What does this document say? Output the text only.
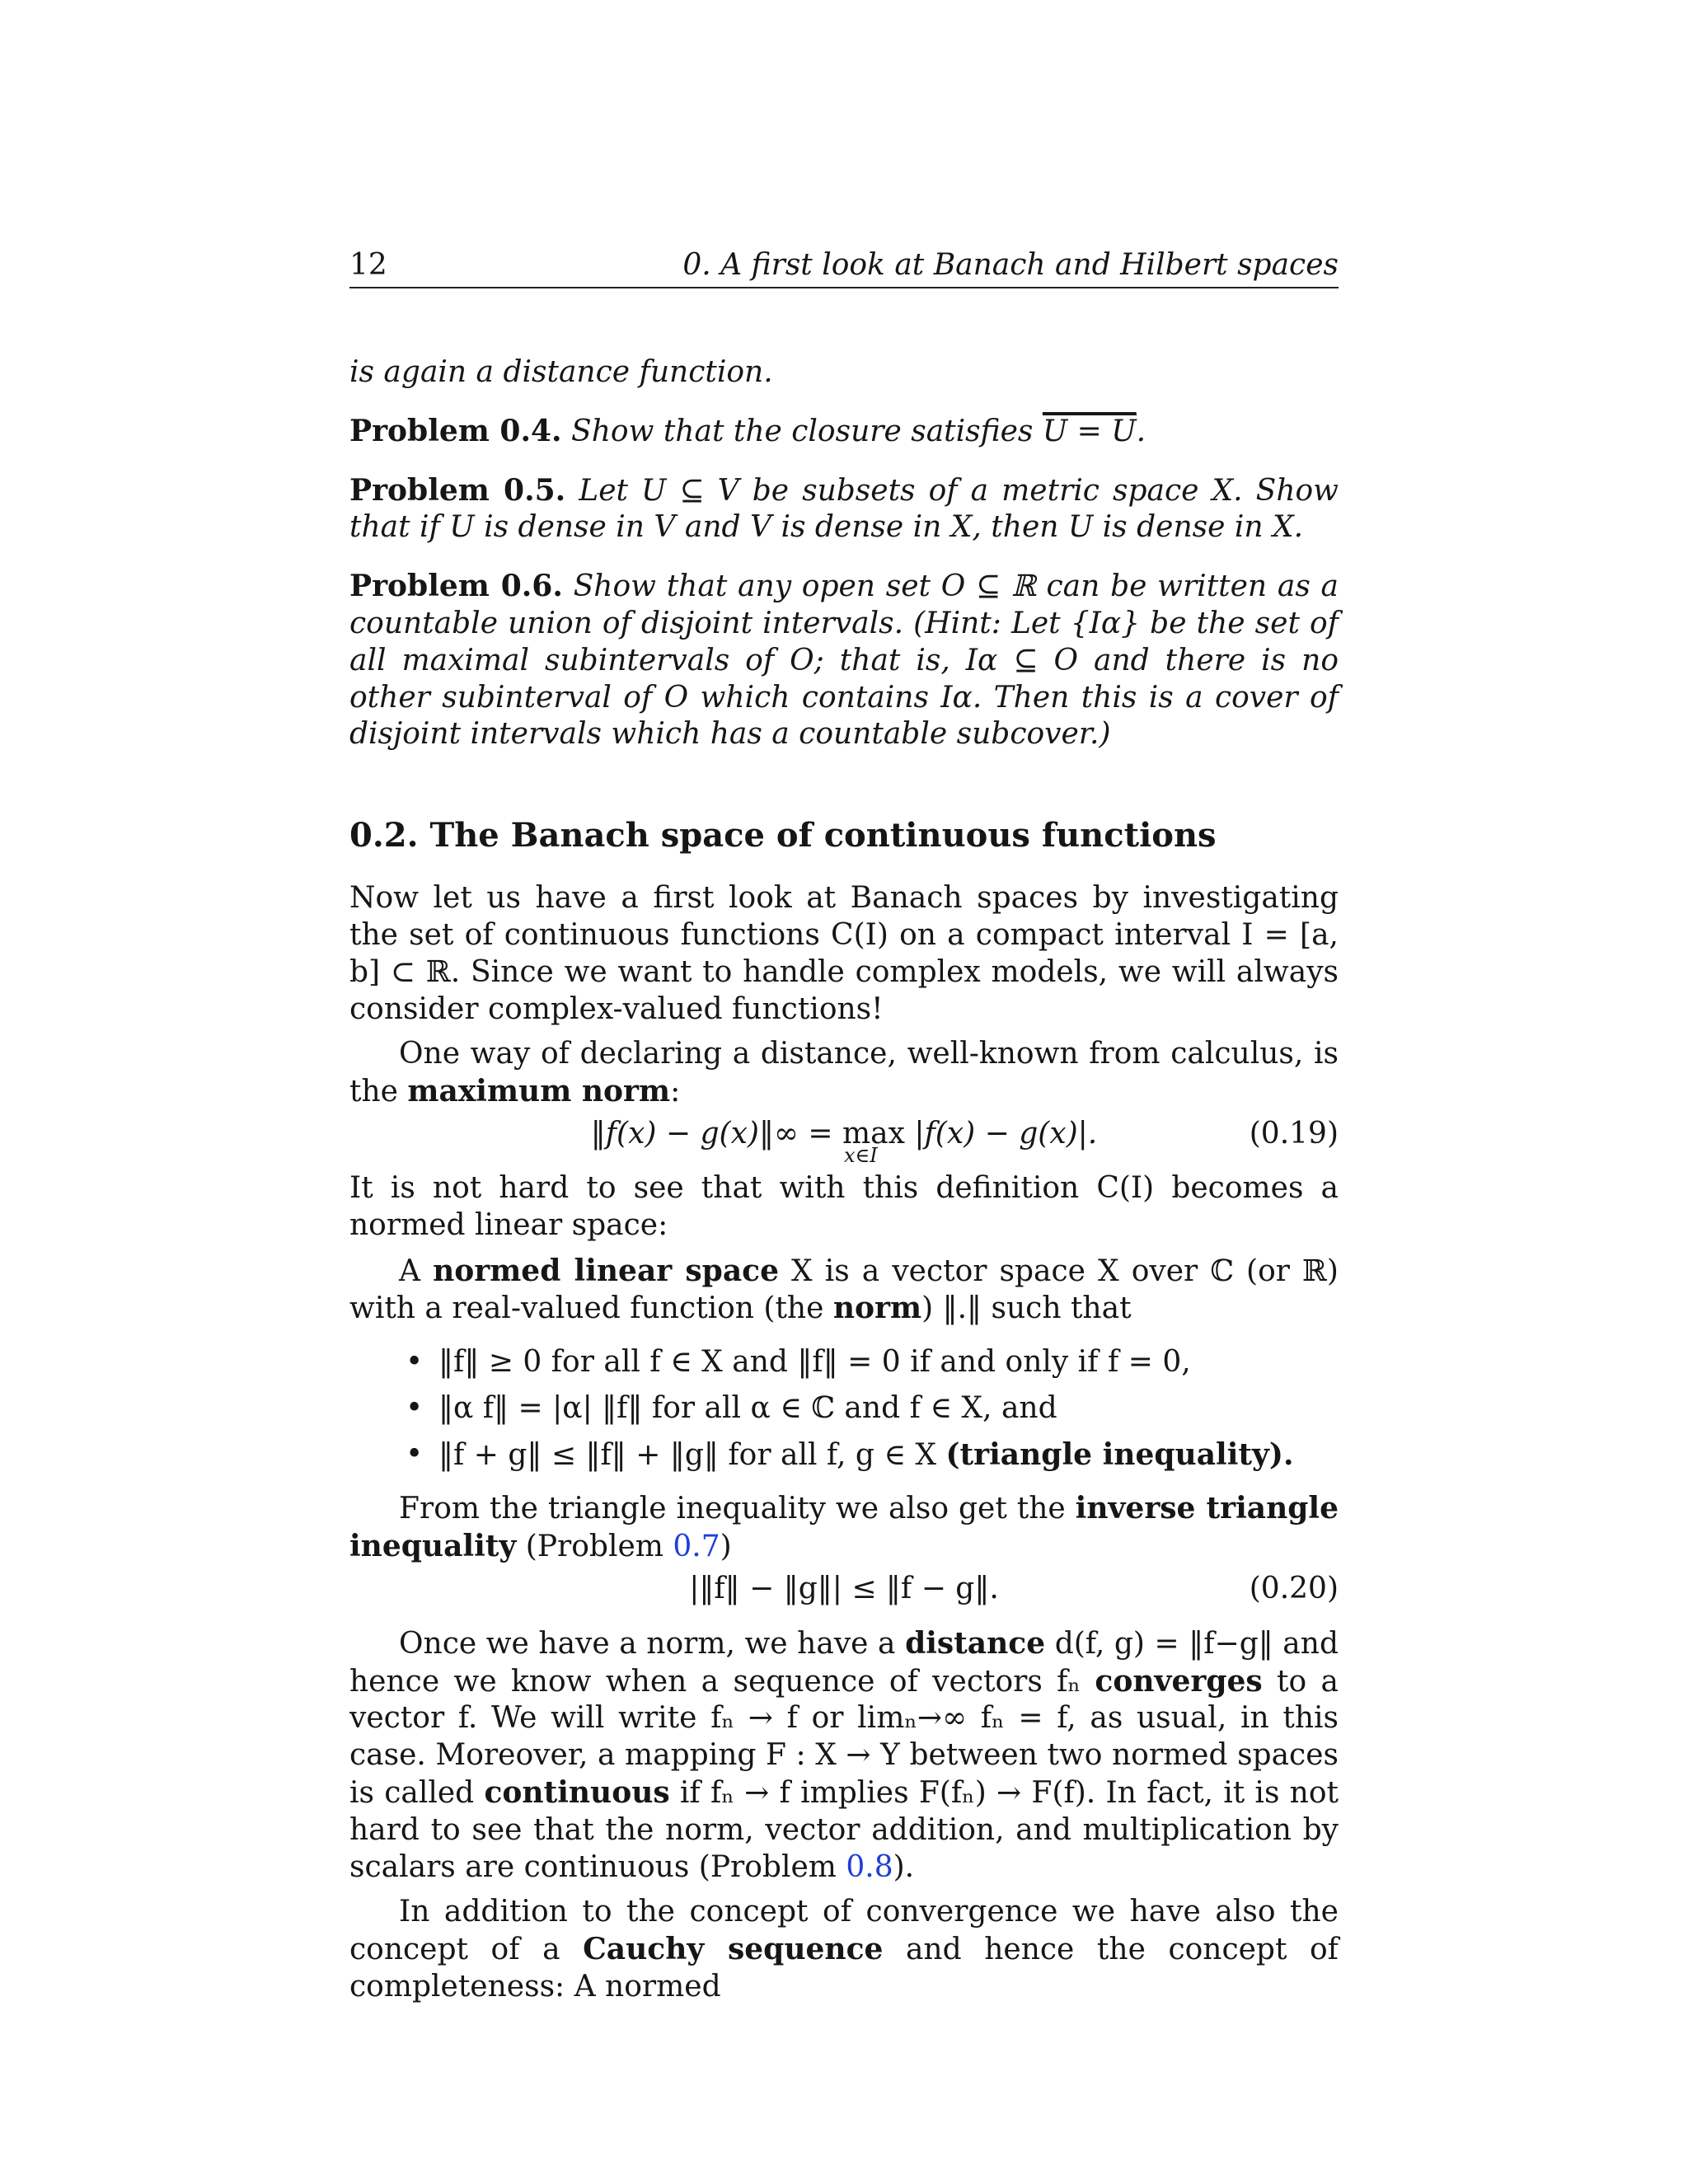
12	0. A first look at Banach and Hilbert spaces

is again a distance function.

Problem 0.4. Show that the closure satisfies U = U.

Problem 0.5. Let U ⊆ V be subsets of a metric space X. Show that if U is dense in V and V is dense in X, then U is dense in X.

Problem 0.6. Show that any open set O ⊆ ℝ can be written as a countable union of disjoint intervals. (Hint: Let {Iα} be the set of all maximal subintervals of O; that is, Iα ⊆ O and there is no other subinterval of O which contains Iα. Then this is a cover of disjoint intervals which has a countable subcover.)

0.2. The Banach space of continuous functions

Now let us have a first look at Banach spaces by investigating the set of continuous functions C(I) on a compact interval I = [a, b] ⊂ ℝ. Since we want to handle complex models, we will always consider complex-valued functions!

One way of declaring a distance, well-known from calculus, is the maximum norm:

‖f(x) − g(x)‖∞ = max
x∈I
|f(x) − g(x)|.	(0.19)

It is not hard to see that with this definition C(I) becomes a normed linear space:

A normed linear space X is a vector space X over ℂ (or ℝ) with a real-valued function (the norm) ‖.‖ such that

• ‖f‖ ≥ 0 for all f ∈ X and ‖f‖ = 0 if and only if f = 0,
• ‖α f‖ = |α| ‖f‖ for all α ∈ ℂ and f ∈ X, and
• ‖f + g‖ ≤ ‖f‖ + ‖g‖ for all f, g ∈ X (triangle inequality).

From the triangle inequality we also get the inverse triangle inequality (Problem 0.7)

|‖f‖ − ‖g‖| ≤ ‖f − g‖.	(0.20)

Once we have a norm, we have a distance d(f, g) = ‖f−g‖ and hence we know when a sequence of vectors fₙ converges to a vector f. We will write fₙ → f or limₙ→∞ fₙ = f, as usual, in this case. Moreover, a mapping F : X → Y between two normed spaces is called continuous if fₙ → f implies F(fₙ) → F(f). In fact, it is not hard to see that the norm, vector addition, and multiplication by scalars are continuous (Problem 0.8).

In addition to the concept of convergence we have also the concept of a Cauchy sequence and hence the concept of completeness: A normed
